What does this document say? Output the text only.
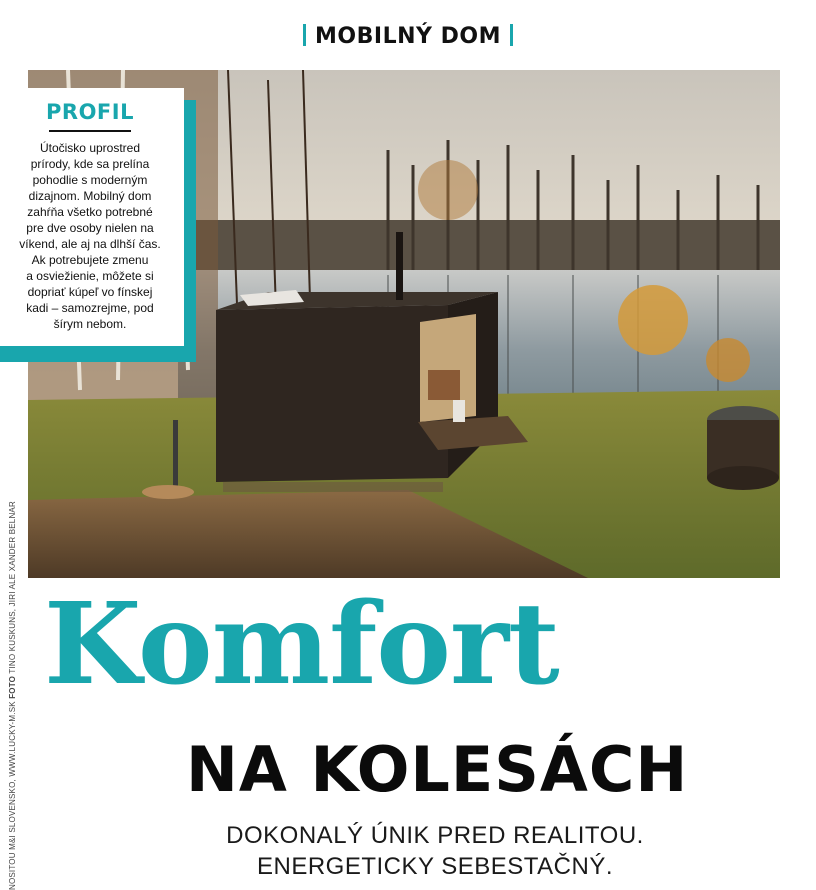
MOBILNÝ DOM
PROFIL

Útočisko uprostred
prírody, kde sa prelína
pohodlie s moderným
dizajnom. Mobilný dom
zahŕňa všetko potrebné
pre dve osoby nielen na
víkend, ale aj na dlhší čas.
Ak potrebujete zmenu
a osviežienie, môžete si
dopriať kúpeľ vo fínskej
kadi – samozrejme, pod
šírym nebom.

NOSITOU M&I SLOVENSKO, WWW.LUCKY-M.SK FOTO TINO KUSKUNS, JIRI ALE XANDER BELNAR Komfort
NA KOLESÁCH
DOKONALÝ ÚNIK PRED REALITOU.
ENERGETICKY SEBESTAČNÝ.
